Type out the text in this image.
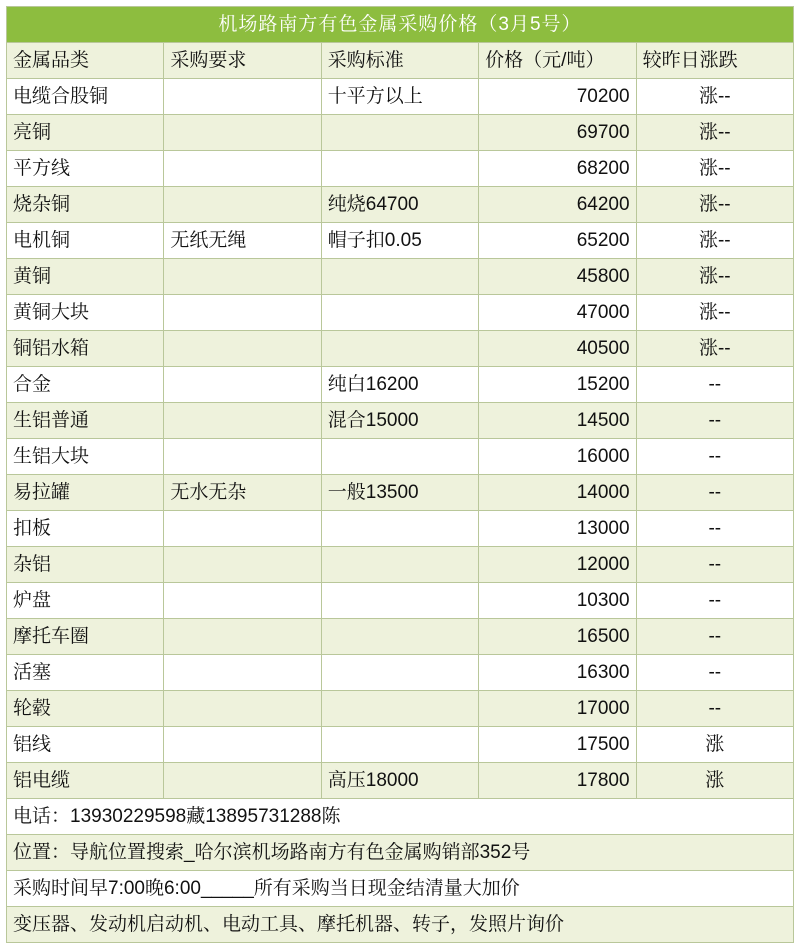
机场路南方有色金属采购价格（3月5号）				
金属品类	采购要求	采购标准	价格（元/吨）	较昨日涨跌
电缆合股铜		十平方以上	70200	涨--
亮铜			69700	涨--
平方线			68200	涨--
烧杂铜		纯烧64700	64200	涨--
电机铜	无纸无绳	帽子扣0.05	65200	涨--
黄铜			45800	涨--
黄铜大块			47000	涨--
铜铝水箱			40500	涨--
合金		纯白16200	15200	--
生铝普通		混合15000	14500	--
生铝大块			16000	--
易拉罐	无水无杂	一般13500	14000	--
扣板			13000	--
杂铝			12000	--
炉盘			10300	--
摩托车圈			16500	--
活塞			16300	--
轮毂			17000	--
铝线			17500	涨
铝电缆		高压18000	17800	涨
电话：13930229598藏13895731288陈				
位置：导航位置搜索_哈尔滨机场路南方有色金属购销部352号				
采购时间早7:00晚6:00_____所有采购当日现金结清量大加价				
变压器、发动机启动机、电动工具、摩托机器、转子，发照片询价				
